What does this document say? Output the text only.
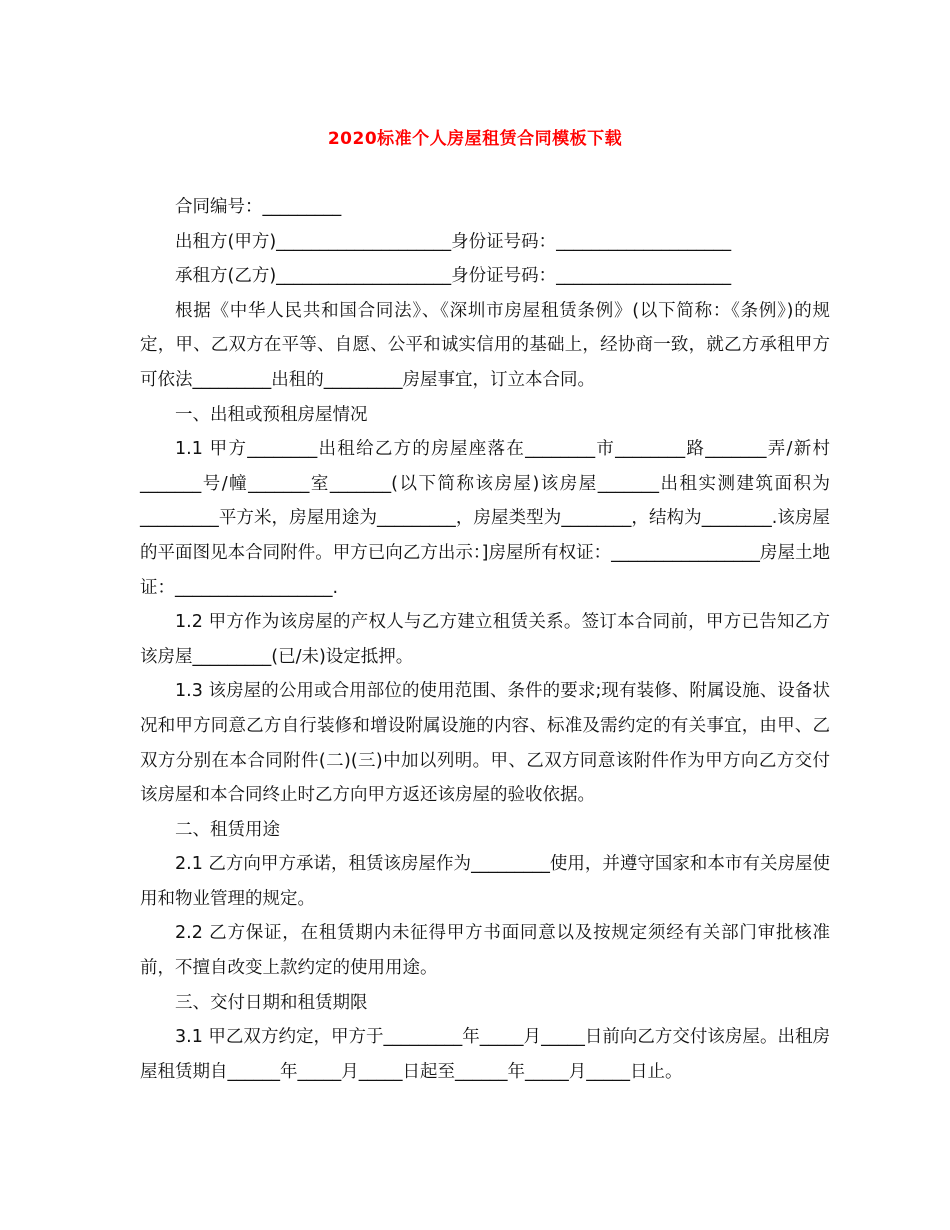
2020标准个人房屋租赁合同模板下载

合同编号：_________

出租方(甲方)____________________身份证号码：____________________

承租方(乙方)____________________身份证号码：____________________

根据《中华人民共和国合同法》、《深圳市房屋租赁条例》(以下简称：《条例》)的规定，甲、乙双方在平等、自愿、公平和诚实信用的基础上，经协商一致，就乙方承租甲方可依法_________出租的_________房屋事宜，订立本合同。

一、出租或预租房屋情况

1.1 甲方________出租给乙方的房屋座落在________市________路_______弄/新村_______号/幢_______室_______(以下简称该房屋)该房屋_______出租实测建筑面积为_________平方米，房屋用途为_________，房屋类型为________，结构为________.该房屋的平面图见本合同附件。甲方已向乙方出示：]房屋所有权证：_________________房屋土地证：__________________.

1.2 甲方作为该房屋的产权人与乙方建立租赁关系。签订本合同前，甲方已告知乙方该房屋_________(已/未)设定抵押。

1.3 该房屋的公用或合用部位的使用范围、条件的要求;现有装修、附属设施、设备状况和甲方同意乙方自行装修和增设附属设施的内容、标准及需约定的有关事宜，由甲、乙双方分别在本合同附件(二)(三)中加以列明。甲、乙双方同意该附件作为甲方向乙方交付该房屋和本合同终止时乙方向甲方返还该房屋的验收依据。

二、租赁用途

2.1 乙方向甲方承诺，租赁该房屋作为_________使用，并遵守国家和本市有关房屋使用和物业管理的规定。

2.2 乙方保证，在租赁期内未征得甲方书面同意以及按规定须经有关部门审批核准前，不擅自改变上款约定的使用用途。

三、交付日期和租赁期限

3.1 甲乙双方约定，甲方于_________年_____月_____日前向乙方交付该房屋。出租房屋租赁期自______年_____月_____日起至______年_____月_____日止。
